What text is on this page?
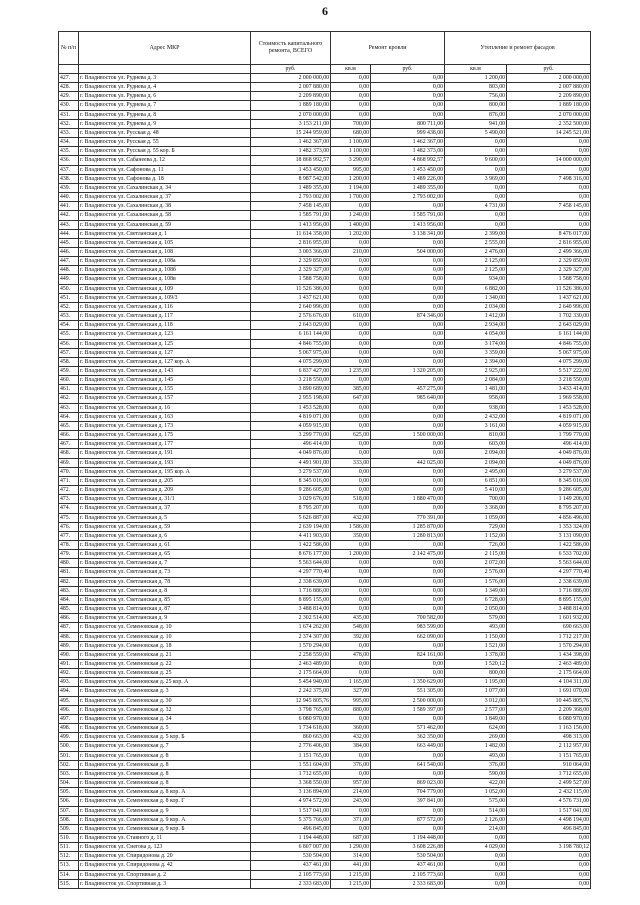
6
№ п/п	Адрес МКР	Стоимость капитального ремонта, ВСЕГО	Ремонт кровли		Утепление и ремонт фасадов	
		руб.	кв.м	руб.	кв.м	руб.
427.	г. Владивосток ул. Руднева д. 3	2 000 000,00	0,00	0,00	1 200,00	2 000 000,00
428.	г. Владивосток ул. Руднева д. 4	2 007 880,00	0,00	0,00	803,00	2 007 880,00
429.	г. Владивосток ул. Руднева д. 6	2 209 890,00	0,00	0,00	756,00	2 209 890,00
430.	г. Владивосток ул. Руднева д. 7	1 889 180,00	0,00	0,00	800,00	1 889 180,00
431.	г. Владивосток ул. Руднева д. 8	2 070 000,00	0,00	0,00	876,00	2 070 000,00
432.	г. Владивосток ул. Руднева д. 9	3 153 211,00	700,00	800 711,00	941,00	2 352 500,00
433.	г. Владивосток ул. Русская д. 48	15 244 959,00	680,00	999 438,00	5 490,00	14 245 521,00
434.	г. Владивосток ул. Русская д. 55	1 462 367,00	1 100,00	1 462 367,00	0,00	0,00
435.	г. Владивосток ул. Русская д. 55 кор. Б	1 482 373,00	1 100,00	1 482 373,00	0,00	0,00
436.	г. Владивосток ул. Сабанеева д. 12	18 868 992,57	3 290,00	4 868 992,57	9 600,00	14 000 000,00
437.	г. Владивосток ул. Сафонова д. 11	1 453 450,00	995,00	1 453 450,00	0,00	0,00
438.	г. Владивосток ул. Сафонова д. 18	8 987 542,00	1 200,00	1 489 226,00	3 969,00	7 498 316,00
439.	г. Владивосток ул. Сахалинская д. 34	1 489 355,00	1 194,00	1 489 355,00	0,00	0,00
440.	г. Владивосток ул. Сахалинская д. 37	2 793 002,00	1 700,00	2 793 002,00	0,00	0,00
441.	г. Владивосток ул. Сахалинская д. 38	7 458 145,00	0,00	0,00	4 731,00	7 458 145,00
442.	г. Владивосток ул. Сахалинская д. 58	1 585 791,00	1 240,00	1 585 791,00	0,00	0,00
443.	г. Владивосток ул. Сахалинская д. 59	1 413 956,00	1 400,00	1 413 956,00	0,00	0,00
444.	г. Владивосток ул. Светланская д. 1	11 614 358,00	1 202,00	3 138 341,00	2 399,00	8 476 017,00
445.	г. Владивосток ул. Светланская д. 105	2 816 955,00	0,00	0,00	2 555,00	2 816 955,00
446.	г. Владивосток ул. Светланская д. 108	3 003 366,00	210,00	504 000,00	2 476,00	2 499 366,00
447.	г. Владивосток ул. Светланская д. 108а	2 329 850,00	0,00	0,00	2 125,00	2 329 850,00
448.	г. Владивосток ул. Светланская д. 108б	2 329 327,00	0,00	0,00	2 125,00	2 329 327,00
449.	г. Владивосток ул. Светланская д. 108в	1 588 758,00	0,00	0,00	934,00	1 588 758,00
450.	г. Владивосток ул. Светланская д. 109	11 526 386,00	0,00	0,00	6 882,00	11 526 386,00
451.	г. Владивосток ул. Светланская д. 109/3	1 437 621,00	0,00	0,00	1 340,00	1 437 621,00
452.	г. Владивосток ул. Светланская д. 116	2 640 996,00	0,00	0,00	2 034,00	2 640 996,00
453.	г. Владивосток ул. Светланская д. 117	2 576 676,00	610,00	874 346,00	1 412,00	1 702 330,00
454.	г. Владивосток ул. Светланская д. 118	2 643 029,00	0,00	0,00	2 934,00	2 643 029,00
455.	г. Владивосток ул. Светланская д. 123	6 161 144,00	0,00	0,00	4 054,00	6 161 144,00
456.	г. Владивосток ул. Светланская д. 125	4 846 755,00	0,00	0,00	3 174,00	4 846 755,00
457.	г. Владивосток ул. Светланская д. 127	5 067 975,00	0,00	0,00	3 359,00	5 067 975,00
458.	г. Владивосток ул. Светланская д. 127 кор. А	4 075 299,00	0,00	0,00	2 394,00	4 075 299,00
459.	г. Владивосток ул. Светланская д. 143	6 837 427,00	1 235,00	1 320 205,00	2 925,00	5 517 222,00
460.	г. Владивосток ул. Светланская д. 145	3 218 550,00	0,00	0,00	2 084,00	3 218 550,00
461.	г. Владивосток ул. Светланская д. 155	3 890 689,00	385,00	457 275,00	1 481,00	3 433 414,00
462.	г. Владивосток ул. Светланская д. 157	2 955 198,00	647,00	985 640,00	958,00	1 969 558,00
463.	г. Владивосток ул. Светланская д. 16	1 453 528,00	0,00	0,00	938,00	1 453 528,00
464.	г. Владивосток ул. Светланская д. 163	4 819 071,00	0,00	0,00	2 432,00	4 819 071,00
465.	г. Владивосток ул. Светланская д. 173	4 059 915,00	0,00	0,00	3 161,00	4 059 915,00
466.	г. Владивосток ул. Светланская д. 175	3 299 770,00	625,00	1 500 000,00	810,00	1 799 770,00
467.	г. Владивосток ул. Светланская д. 177	496 414,00	0,00	0,00	603,00	496 414,00
468.	г. Владивосток ул. Светланская д. 191	4 049 876,00	0,00	0,00	2 094,00	4 049 876,00
469.	г. Владивосток ул. Светланская д. 193	4 491 901,00	333,00	442 025,00	2 094,00	4 049 876,00
470.	г. Владивосток ул. Светланская д. 195 кор. А	3 279 537,00	0,00	0,00	2 495,00	3 279 537,00
471.	г. Владивосток ул. Светланская д. 205	8 345 016,00	0,00	0,00	6 851,00	8 345 016,00
472.	г. Владивосток ул. Светланская д. 209	9 286 605,00	0,00	0,00	5 410,00	9 286 605,00
473.	г. Владивосток ул. Светланская д. 31/1	3 029 676,00	518,00	1 880 470,00	700,00	1 149 206,00
474.	г. Владивосток ул. Светланская д. 37	8 795 207,00	0,00	0,00	3 368,00	8 795 207,00
475.	г. Владивосток ул. Светланская д. 5	5 626 887,00	432,00	770 391,00	1 059,00	4 856 496,00
476.	г. Владивосток ул. Светланская д. 59	2 639 194,00	1 586,00	1 285 870,00	729,00	1 353 324,00
477.	г. Владивосток ул. Светланская д. 6	4 411 903,00	350,00	1 280 813,00	1 152,00	3 131 090,00
478.	г. Владивосток ул. Светланская д. 61	1 422 586,00	0,00	0,00	726,00	1 422 586,00
479.	г. Владивосток ул. Светланская д. 65	8 676 177,00	1 200,00	2 142 475,00	2 115,00	6 533 702,00
480.	г. Владивосток ул. Светланская д. 7	5 563 644,00	0,00	0,00	2 072,00	5 563 644,00
481.	г. Владивосток ул. Светланская д. 73	4 297 770,40	0,00	0,00	2 576,00	4 297 770,40
482.	г. Владивосток ул. Светланская д. 78	2 338 639,00	0,00	0,00	1 576,00	2 338 639,00
483.	г. Владивосток ул. Светланская д. 8	1 716 886,00	0,00	0,00	1 349,00	1 716 886,00
484.	г. Владивосток ул. Светланская д. 85	8 895 155,00	0,00	0,00	6 728,00	8 895 155,00
485.	г. Владивосток ул. Светланская д. 87	3 488 814,00	0,00	0,00	2 050,00	3 488 814,00
486.	г. Владивосток ул. Светланская д. 9	2 302 514,00	435,00	700 582,00	579,00	1 601 932,00
487.	г. Владивосток ул. Семеновская д. 10	1 674 262,00	548,00	983 599,00	493,00	690 663,00
488.	г. Владивосток ул. Семеновская д. 10	2 374 307,00	392,00	662 090,00	1 150,00	1 712 217,00
489.	г. Владивосток ул. Семеновская д. 18	1 570 294,00	0,00	0,00	1 521,00	1 570 294,00
490.	г. Владивосток ул. Семеновская д. 21	2 258 559,00	478,00	824 161,00	1 378,00	1 434 398,00
491.	г. Владивосток ул. Семеновская д. 22	2 463 489,00	0,00	0,00	1 520,12	2 463 489,00
492.	г. Владивосток ул. Семеновская д. 25	2 175 664,00	0,00	0,00	800,00	2 175 664,00
493.	г. Владивосток ул. Семеновская д. 25 кор. А	5 454 940,00	1 165,00	1 350 629,00	1 195,00	4 104 311,00
494.	г. Владивосток ул. Семеновская д. 3	2 242 375,00	327,00	551 305,00	1 077,00	1 691 070,00
495.	г. Владивосток ул. Семеновская д. 30	12 945 805,76	995,00	2 500 000,00	3 012,00	10 445 805,76
496.	г. Владивосток ул. Семеновская д. 32	3 798 765,00	880,00	1 589 397,00	2 577,00	2 209 368,00
497.	г. Владивосток ул. Семеновская д. 34	6 080 970,00	0,00	0,00	1 849,00	6 080 970,00
498.	г. Владивосток ул. Семеновская д. 5	1 734 618,00	360,00	571 462,00	624,00	1 163 156,00
499.	г. Владивосток ул. Семеновская д. 5 кор. Б	860 663,00	432,00	362 350,00	269,00	498 313,00
500.	г. Владивосток ул. Семеновская д. 7	2 776 406,00	384,00	663 449,00	1 482,00	2 112 957,00
501.	г. Владивосток ул. Семеновская д. 8	1 151 765,00	0,00	0,00	493,00	1 151 765,00
502.	г. Владивосток ул. Семеновская д. 8	1 551 604,00	376,00	641 540,00	376,00	910 064,00
503.	г. Владивосток ул. Семеновская д. 8	1 712 655,00	0,00	0,00	590,00	1 712 655,00
504.	г. Владивосток ул. Семеновская д. 8	3 368 550,00	957,00	869 023,00	422,00	2 499 527,00
505.	г. Владивосток ул. Семеновская д. 8 кор. А	3 136 894,00	214,00	704 779,00	1 052,00	2 432 115,00
506.	г. Владивосток ул. Семеновская д. 8 кор. Г	4 974 572,00	243,00	397 841,00	575,00	4 576 731,00
507.	г. Владивосток ул. Семеновская д. 9	1 517 041,00	0,00	0,00	514,00	1 517 041,00
508.	г. Владивосток ул. Семеновская д. 9 кор. А	5 375 766,00	371,00	877 572,00	2 126,00	4 498 194,00
509.	г. Владивосток ул. Семеновская д. 9 кор. Б	496 845,00	0,00	0,00	214,00	496 845,00
510.	г. Владивосток ул. Ставного д. 11	1 194 448,00	687,00	1 194 448,00	0,00	0,00
511.	г. Владивосток ул. Снегова д. 123	6 807 007,00	1 290,00	3 608 226,88	4 029,00	3 198 780,12
512.	г. Владивосток ул. Спиридонова д. 20	530 504,00	314,00	530 504,00	0,00	0,00
513.	г. Владивосток ул. Спиридонова д. 42	437 461,00	441,00	437 461,00	0,00	0,00
514.	г. Владивосток ул. Спортивная д. 2	2 105 773,60	1 215,00	2 105 773,60	0,00	0,00
515.	г. Владивосток ул. Спортивная д. 3	2 333 683,00	1 215,00	2 333 683,00	0,00	0,00
